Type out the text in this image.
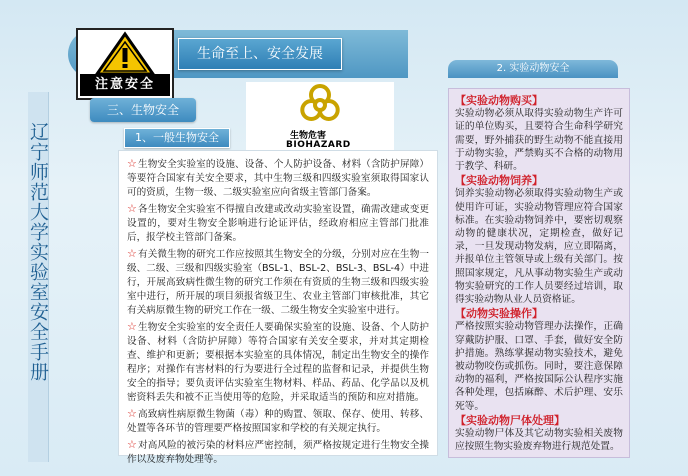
注意安全
生命至上、安全发展
辽宁师范大学实验室安全手册
三、生物安全
1、一般生物安全	生物危害
BIOHAZARD

☆生物安全实验室的设施、设备、个人防护设备、材料（含防护屏障）等要符合国家有关安全要求，其中生物三级和四级实验室须取得国家认可的资质，生物一级、二级实验室应向省级主管部门备案。

☆各生物安全实验室不得擅自改建或改动实验室设置，确需改建或变更设置的，要对生物安全影响进行论证评估，经政府相应主管部门批准后，报学校主管部门备案。

☆有关微生物的研究工作应按照其生物安全的分级，分别对应在生物一级、二级、三级和四级实验室（BSL-1、BSL-2、BSL-3、BSL-4）中进行，开展高致病性微生物的研究工作须在有资质的生物三级和四级实验室中进行，所开展的项目须报省级卫生、农业主管部门审核批准，其它有关病原微生物的研究工作在一级、二级生物安全实验室中进行。

☆生物安全实验室的安全责任人要确保实验室的设施、设备、个人防护设备、材料（含防护屏障）等符合国家有关安全要求，并对其定期检查、维护和更新；要根据本实验室的具体情况，制定出生物安全的操作程序；对操作有害材料的行为要进行全过程的监督和记录，并提供生物安全的指导；要负责评估实验室生物材料、样品、药品、化学品以及机密资料丢失和被不正当使用等的危险，并采取适当的预防和应对措施。

☆高致病性病原微生物菌（毒）种的购置、领取、保存、使用、转移、处置等各环节的管理要严格按照国家和学校的有关规定执行。

☆对高风险的被污染的材料应严密控制，须严格按规定进行生物安全操作以及废弃物处理等。

2. 实验动物安全
【实验动物购买】

实验动物必须从取得实验动物生产许可证的单位购买，且要符合生命科学研究需要，野外捕获的野生动物不能直接用于动物实验，严禁购买不合格的动物用于教学、科研。

【实验动物饲养】

饲养实验动物必须取得实验动物生产或使用许可证，实验动物管理应符合国家标准。在实验动物饲养中，要密切观察动物的健康状况，定期检查，做好记录，一旦发现动物发病，应立即隔离，并报单位主管领导或上级有关部门。按照国家规定，凡从事动物实验生产或动物实验研究的工作人员要经过培训，取得实验动物从业人员资格证。

【动物实验操作】

严格按照实验动物管理办法操作，正确穿戴防护服、口罩、手套，做好安全防护措施。熟练掌握动物实验技术，避免被动物咬伤或抓伤。同时，要注意保障动物的福利，严格按国际公认程序实施各种处理，包括麻醉、术后护理、安乐死等。

【实验动物尸体处理】

实验动物尸体及其它动物实验相关废物应按照生物实验废弃物进行规范处置。
